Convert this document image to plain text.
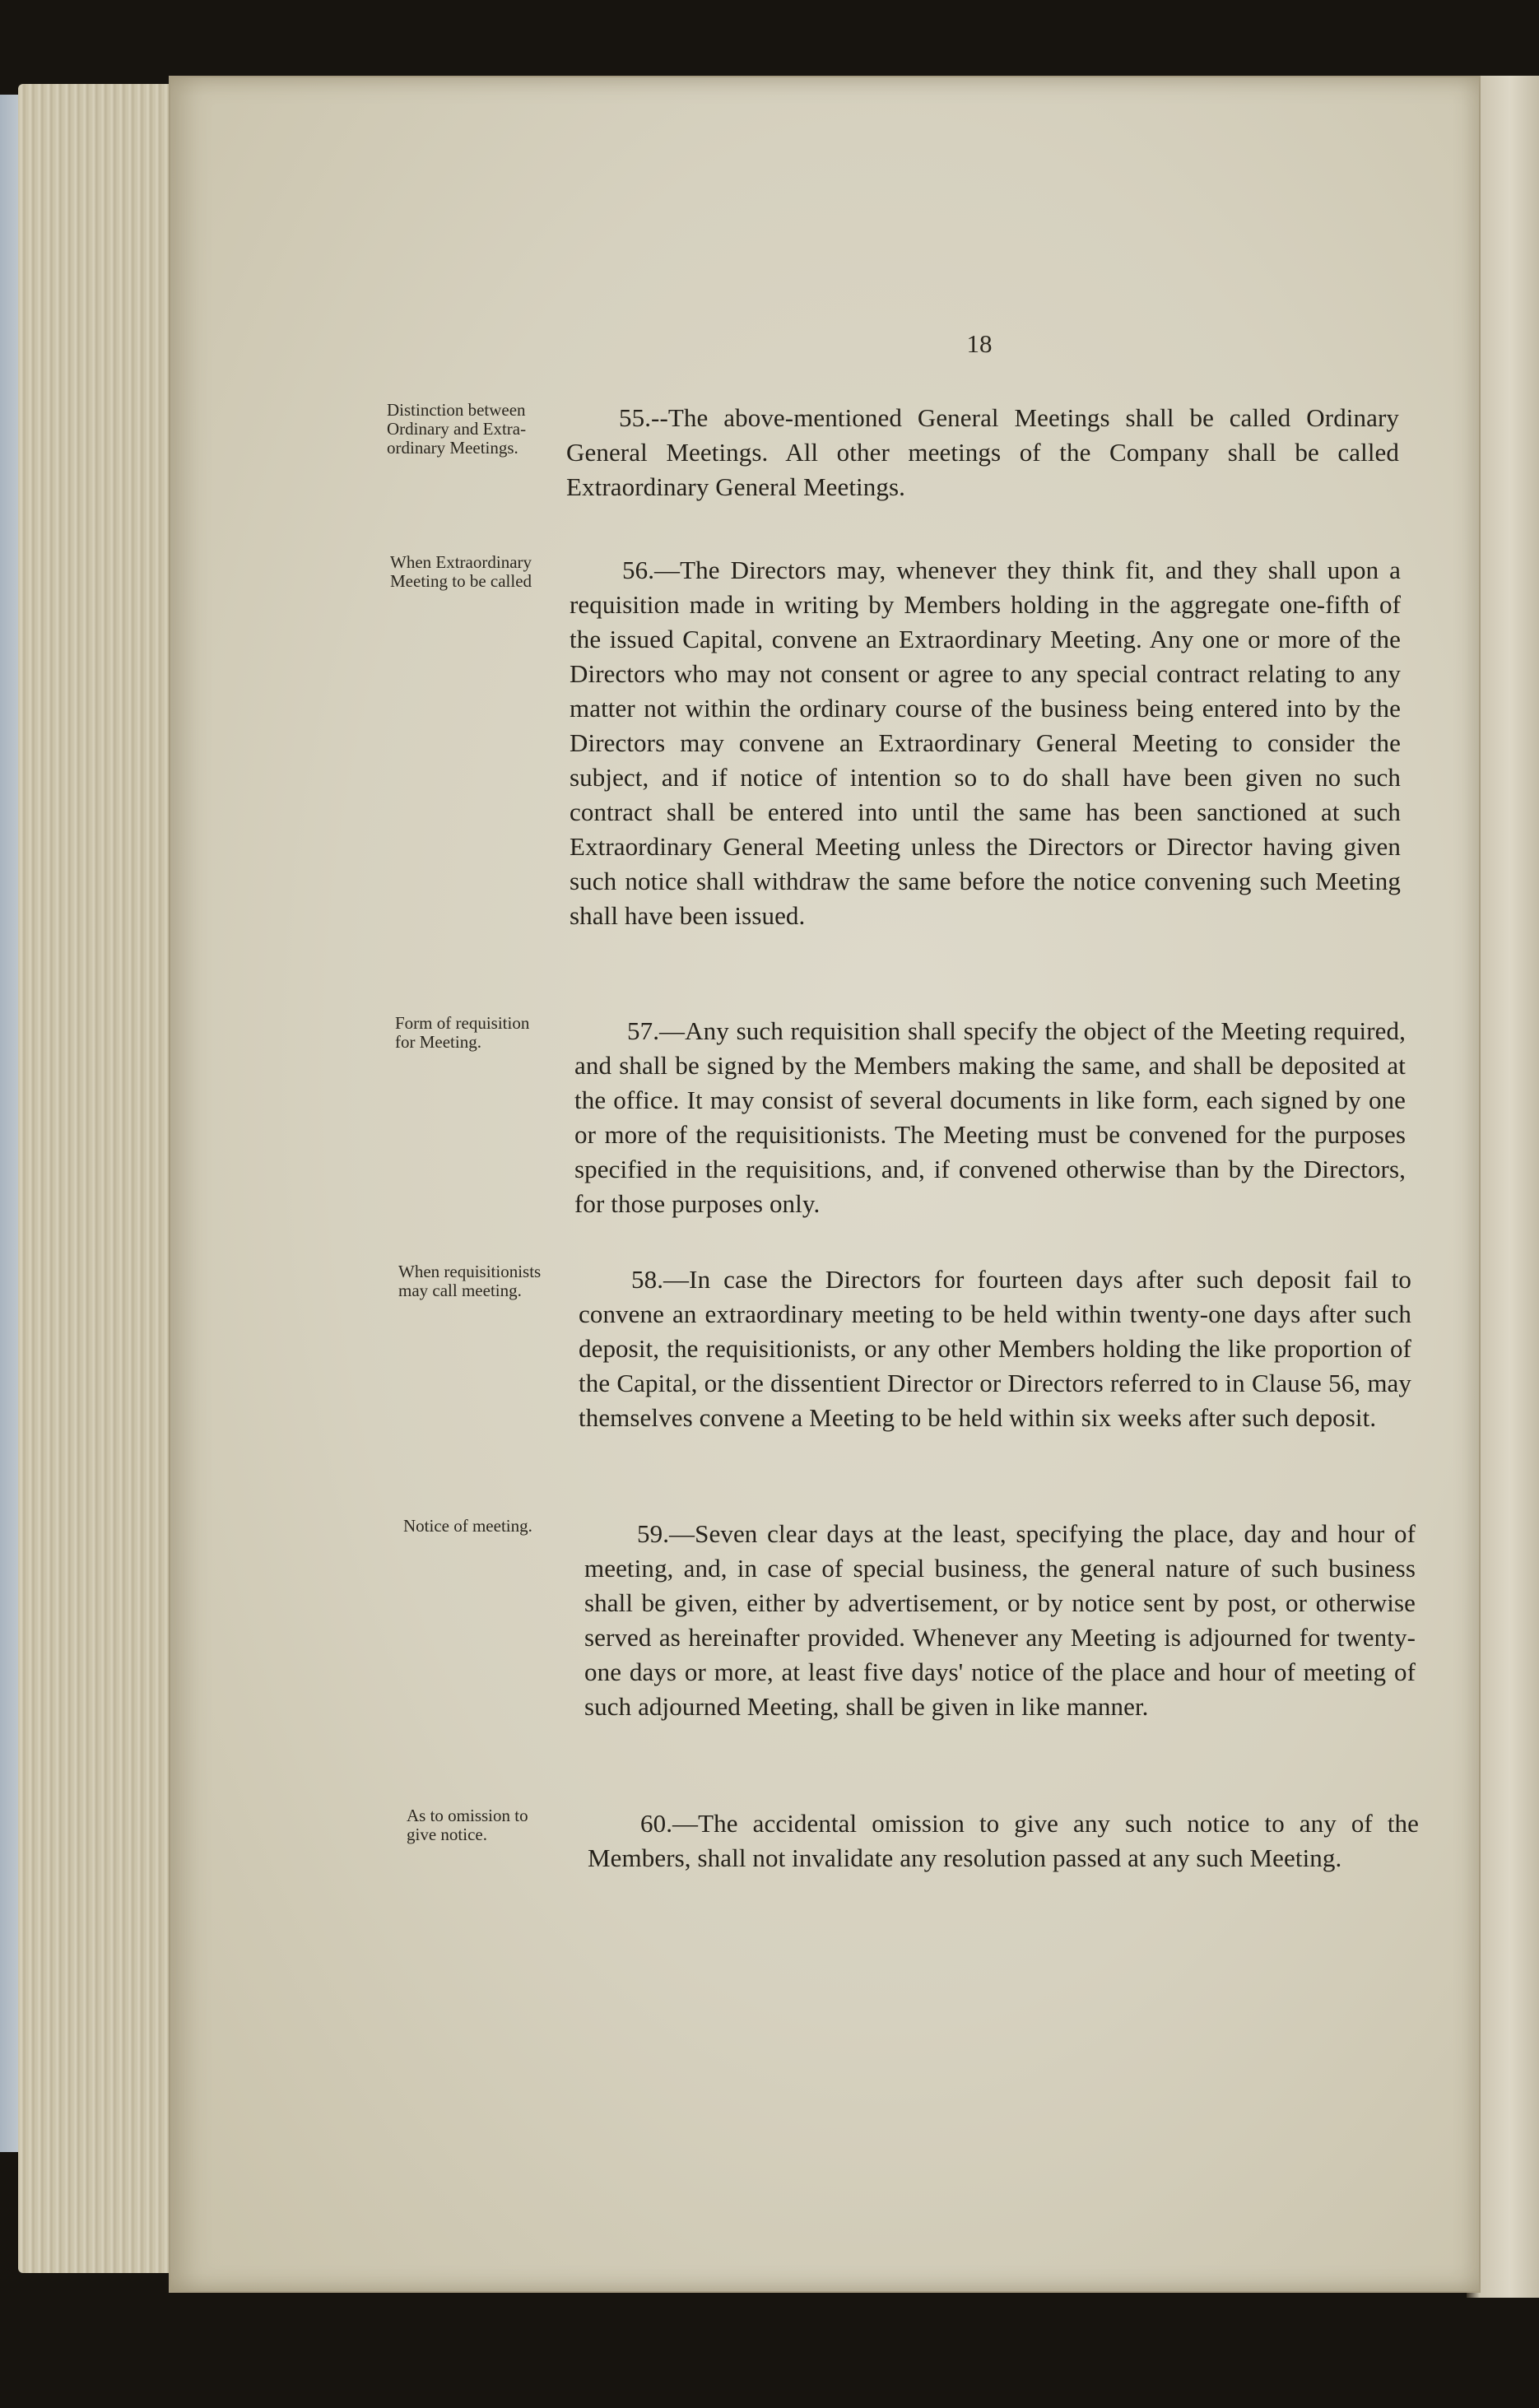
18
Distinction between
Ordinary and Extra-
ordinary Meetings.
55.--The above-mentioned General Meetings shall be called Ordinary General Meetings. All other meetings of the Company shall be called Extraordinary General Meetings.
When Extraordinary
Meeting to be called	56.—The Directors may, whenever they think fit, and they shall upon a requisition made in writing by Members holding in the aggregate one-fifth of the issued Capital, convene an Extraordinary Meeting. Any one or more of the Directors who may not consent or agree to any special contract relating to any matter not within the ordinary course of the business being entered into by the Directors may convene an Extraordinary General Meeting to consider the subject, and if notice of intention so to do shall have been given no such contract shall be entered into until the same has been sanctioned at such Extraordinary General Meeting unless the Directors or Director having given such notice shall withdraw the same before the notice convening such Meeting shall have been issued.
Form of requisition
for Meeting.	57.—Any such requisition shall specify the object of the Meeting required, and shall be signed by the Members making the same, and shall be deposited at the office. It may consist of several documents in like form, each signed by one or more of the requisitionists. The Meeting must be convened for the purposes specified in the requisitions, and, if convened otherwise than by the Directors, for those purposes only.
When requisitionists
may call meeting.	58.—In case the Directors for fourteen days after such deposit fail to convene an extraordinary meeting to be held within twenty-one days after such deposit, the requisitionists, or any other Members holding the like proportion of the Capital, or the dissentient Director or Directors referred to in Clause 56, may themselves convene a Meeting to be held within six weeks after such deposit.
Notice of meeting.	59.—Seven clear days at the least, specifying the place, day and hour of meeting, and, in case of special business, the general nature of such business shall be given, either by advertisement, or by notice sent by post, or otherwise served as hereinafter provided. Whenever any Meeting is adjourned for twenty-one days or more, at least five days' notice of the place and hour of meeting of such adjourned Meeting, shall be given in like manner.
As to omission to
give notice.	60.—The accidental omission to give any such notice to any of the Members, shall not invalidate any resolution passed at any such Meeting.
